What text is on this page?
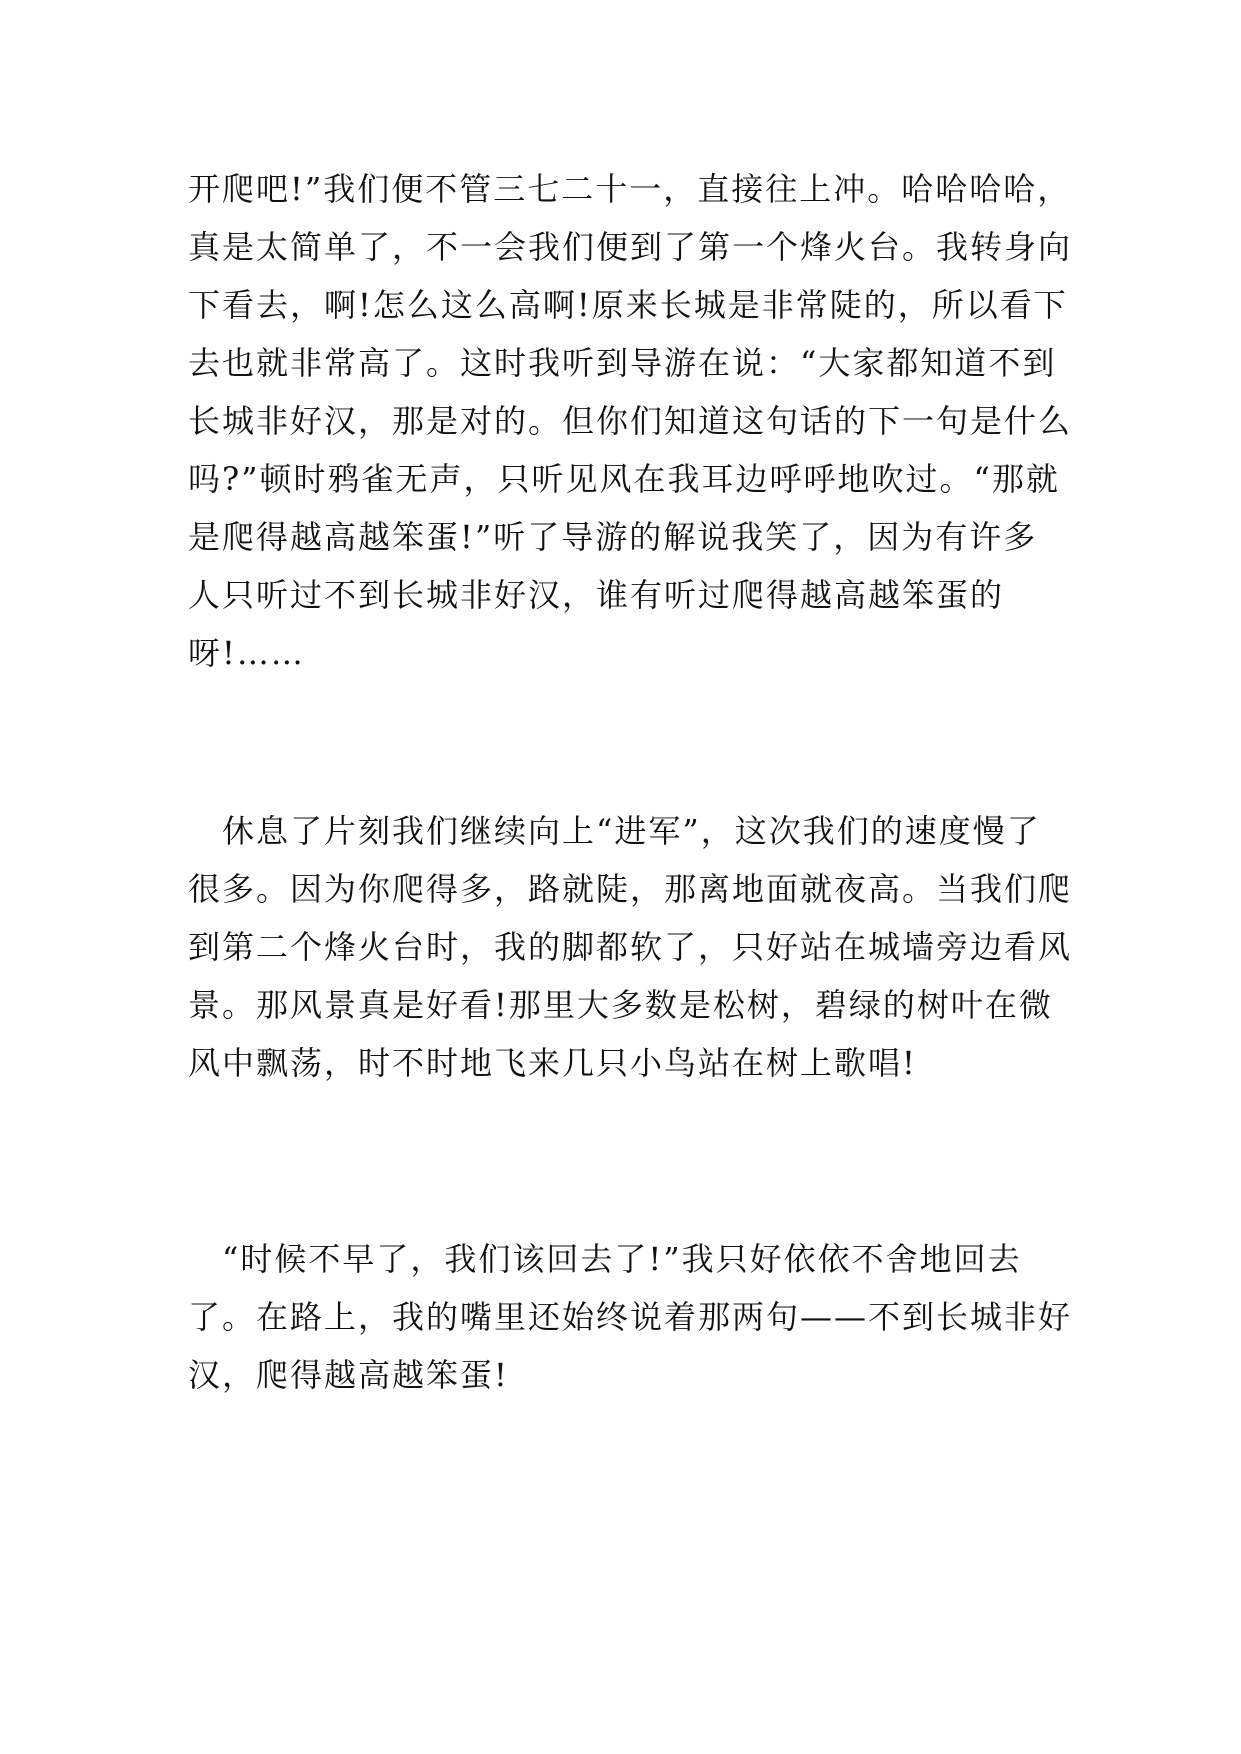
开爬吧!”我们便不管三七二十一，直接往上冲。哈哈哈哈，
真是太简单了，不一会我们便到了第一个烽火台。我转身向
下看去，啊!怎么这么高啊!原来长城是非常陡的，所以看下
去也就非常高了。这时我听到导游在说：“大家都知道不到
长城非好汉，那是对的。但你们知道这句话的下一句是什么
吗?”顿时鸦雀无声，只听见风在我耳边呼呼地吹过。“那就
是爬得越高越笨蛋!”听了导游的解说我笑了，因为有许多
人只听过不到长城非好汉，谁有听过爬得越高越笨蛋的
呀!……
　休息了片刻我们继续向上“进军”，这次我们的速度慢了
很多。因为你爬得多，路就陡，那离地面就夜高。当我们爬
到第二个烽火台时，我的脚都软了，只好站在城墙旁边看风
景。那风景真是好看!那里大多数是松树，碧绿的树叶在微
风中飘荡，时不时地飞来几只小鸟站在树上歌唱!
　“时候不早了，我们该回去了!”我只好依依不舍地回去
了。在路上，我的嘴里还始终说着那两句——不到长城非好
汉，爬得越高越笨蛋!
